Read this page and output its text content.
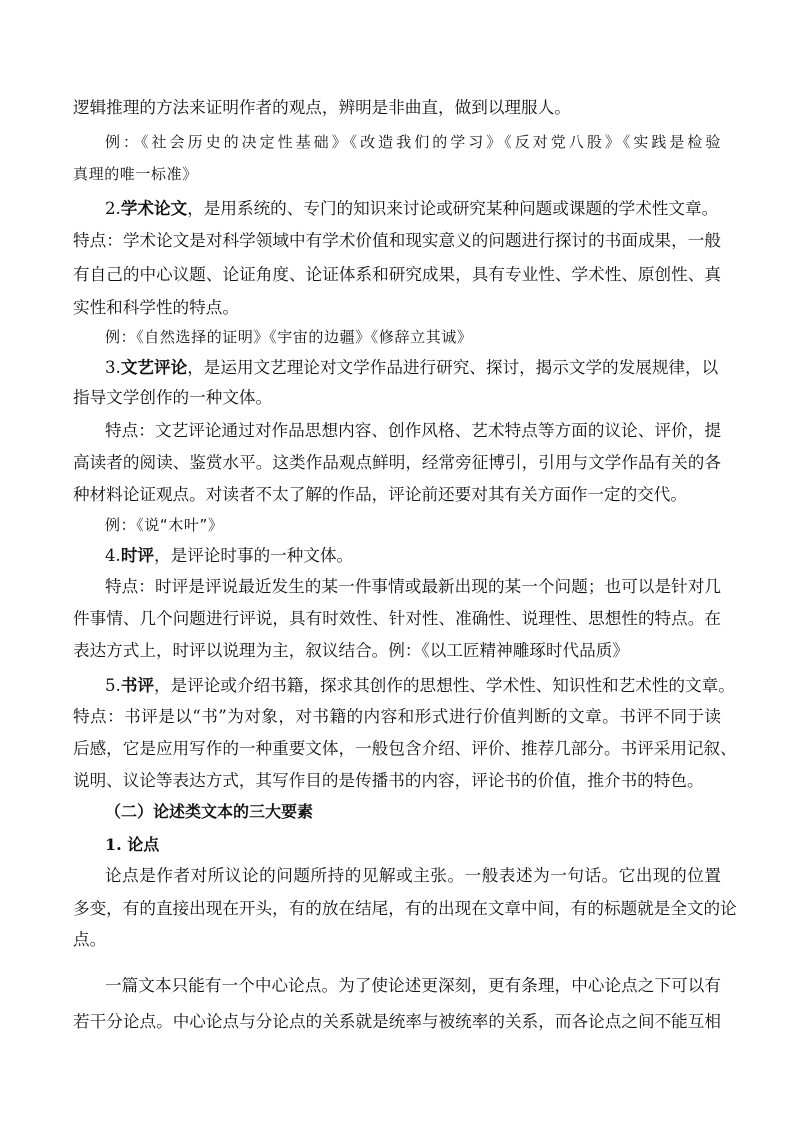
逻辑推理的方法来证明作者的观点，辨明是非曲直，做到以理服人。
例：《社会历史的决定性基础》《改造我们的学习》《反对党八股》《实践是检验
真理的唯一标准》
2.学术论文，是用系统的、专门的知识来讨论或研究某种问题或课题的学术性文章。
特点：学术论文是对科学领域中有学术价值和现实意义的问题进行探讨的书面成果，一般
有自己的中心议题、论证角度、论证体系和研究成果，具有专业性、学术性、原创性、真
实性和科学性的特点。
例：《自然选择的证明》《宇宙的边疆》《修辞立其诚》
3.文艺评论，是运用文艺理论对文学作品进行研究、探讨，揭示文学的发展规律，以
指导文学创作的一种文体。
特点：文艺评论通过对作品思想内容、创作风格、艺术特点等方面的议论、评价，提
高读者的阅读、鉴赏水平。这类作品观点鲜明，经常旁征博引，引用与文学作品有关的各
种材料论证观点。对读者不太了解的作品，评论前还要对其有关方面作一定的交代。
例：《说“木叶”》
4.时评，是评论时事的一种文体。
特点：时评是评说最近发生的某一件事情或最新出现的某一个问题；也可以是针对几
件事情、几个问题进行评说，具有时效性、针对性、准确性、说理性、思想性的特点。在
表达方式上，时评以说理为主，叙议结合。例：《以工匠精神雕琢时代品质》
5.书评，是评论或介绍书籍，探求其创作的思想性、学术性、知识性和艺术性的文章。
特点：书评是以“书”为对象，对书籍的内容和形式进行价值判断的文章。书评不同于读
后感，它是应用写作的一种重要文体，一般包含介绍、评价、推荐几部分。书评采用记叙、
说明、议论等表达方式，其写作目的是传播书的内容，评论书的价值，推介书的特色。
（二）论述类文本的三大要素
1. 论点
论点是作者对所议论的问题所持的见解或主张。一般表述为一句话。它出现的位置
多变，有的直接出现在开头，有的放在结尾，有的出现在文章中间，有的标题就是全文的论
点。
一篇文本只能有一个中心论点。为了使论述更深刻，更有条理，中心论点之下可以有
若干分论点。中心论点与分论点的关系就是统率与被统率的关系，而各论点之间不能互相
